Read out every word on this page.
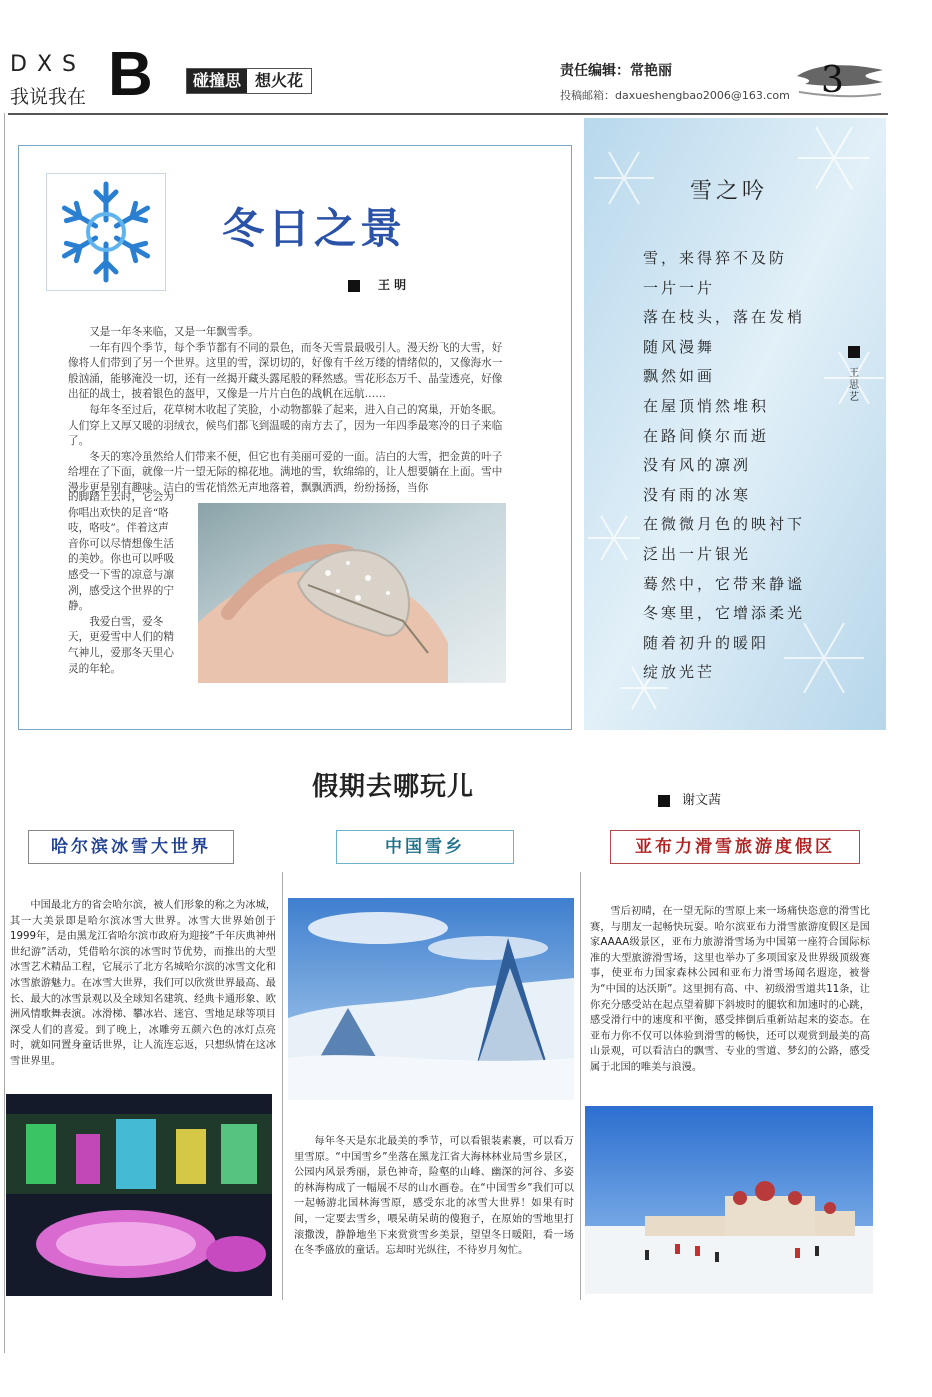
DXS
我说我在 B	碰撞思 想火花	责任编辑：常艳丽
投稿邮箱：daxueshengbao2006@163.com 3
冬日之景
王 明

又是一年冬来临，又是一年飘雪季。

一年有四个季节，每个季节都有不同的景色，而冬天雪景最吸引人。漫天纷飞的大雪，好像将人们带到了另一个世界。这里的雪，深切切的，好像有千丝万缕的情绪似的，又像海水一般汹涌，能够淹没一切，还有一丝揭开藏头露尾般的释然感。雪花形态万千、晶莹透亮，好像出征的战士，披着银色的盔甲，又像是一片片白色的战帆在远航……

每年冬至过后，花草树木收起了笑脸，小动物都躲了起来，进入自己的窝巢，开始冬眠。人们穿上又厚又暖的羽绒衣，候鸟们都飞到温暖的南方去了，因为一年四季最寒冷的日子来临了。

冬天的寒冷虽然给人们带来不便，但它也有美丽可爱的一面。洁白的大雪，把金黄的叶子给埋在了下面，就像一片一望无际的棉花地。满地的雪，软绵绵的，让人想要躺在上面。雪中漫步更是别有趣味。洁白的雪花悄然无声地落着，飘飘洒洒，纷纷扬扬，当你

的脚踏上去时，它会为你唱出欢快的足音“咯吱，咯吱”。伴着这声音你可以尽情想像生活的美妙。你也可以呼吸感受一下雪的凉意与凛冽，感受这个世界的宁静。

我爱白雪，爱冬天，更爱雪中人们的精气神儿，爱那冬天里心灵的年轮。

雪之吟
雪，来得猝不及防
一片一片
落在枝头，落在发梢
随风漫舞
飘然如画
在屋顶悄然堆积
在路间倏尔而逝
没有风的凛冽
没有雨的冰寒
在微微月色的映衬下
泛出一片银光
蓦然中，它带来静谧
冬寒里，它增添柔光
随着初升的暖阳
绽放光芒
王思艺
假期去哪玩儿	谢文茜
哈尔滨冰雪大世界	中国雪乡	亚布力滑雪旅游度假区
中国最北方的省会哈尔滨，被人们形象的称之为冰城，其一大美景即是哈尔滨冰雪大世界。冰雪大世界始创于1999年，是由黑龙江省哈尔滨市政府为迎接“千年庆典神州世纪游”活动，凭借哈尔滨的冰雪时节优势，而推出的大型冰雪艺术精品工程，它展示了北方名城哈尔滨的冰雪文化和冰雪旅游魅力。在冰雪大世界，我们可以欣赏世界最高、最长、最大的冰雪景观以及全球知名建筑、经典卡通形象、欧洲风情歌舞表演。冰滑梯、攀冰岩、迷宫、雪地足球等项目深受人们的喜爱。到了晚上，冰雕旁五颜六色的冰灯点亮时，就如同置身童话世界，让人流连忘返，只想纵情在这冰雪世界里。
每年冬天是东北最美的季节，可以看银装素裹，可以看万里雪原。“中国雪乡”坐落在黑龙江省大海林林业局雪乡景区，公园内风景秀丽，景色神奇，险壑的山峰、幽深的河谷、多姿的林海构成了一幅展不尽的山水画卷。在“中国雪乡”我们可以一起畅游北国林海雪原，感受东北的冰雪大世界！如果有时间，一定要去雪乡，喂呆萌呆萌的傻狍子，在原始的雪地里打滚撒泼，静静地坐下来赏赏雪乡美景，望望冬日暖阳，看一场在冬季盛放的童话。忘却时光纵往，不待岁月匆忙。
雪后初晴，在一望无际的雪原上来一场痛快恣意的滑雪比赛，与朋友一起畅快玩耍。哈尔滨亚布力滑雪旅游度假区是国家AAAA级景区，亚布力旅游滑雪场为中国第一座符合国际标准的大型旅游滑雪场，这里也举办了多项国家及世界级顶级赛事，使亚布力国家森林公园和亚布力滑雪场闻名遐迩，被誉为“中国的达沃斯”。这里拥有高、中、初级滑雪道共11条，让你充分感受站在起点望着脚下斜坡时的腿软和加速时的心跳，感受滑行中的速度和平衡，感受摔倒后重新站起来的姿态。在亚布力你不仅可以体验到滑雪的畅快，还可以观赏到最美的高山景观，可以看洁白的飘雪、专业的雪道、梦幻的公路，感受属于北国的唯美与浪漫。
